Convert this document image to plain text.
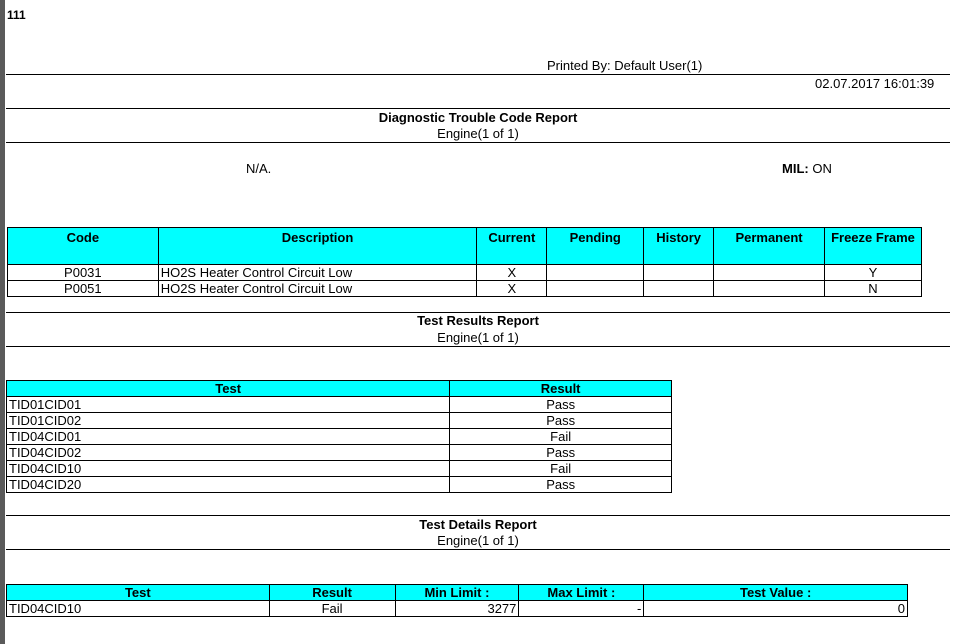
111
Printed By: Default User(1)
02.07.2017 16:01:39
Diagnostic Trouble Code Report
Engine(1 of 1)
N/A.	MIL: ON
Code	Description	Current	Pending	History	Permanent	Freeze Frame
P0031	HO2S Heater Control Circuit Low	X				Y
P0051	HO2S Heater Control Circuit Low	X				N
Test Results Report
Engine(1 of 1)
Test	Result
TID01CID01	Pass
TID01CID02	Pass
TID04CID01	Fail
TID04CID02	Pass
TID04CID10	Fail
TID04CID20	Pass
Test Details Report
Engine(1 of 1)
Test	Result	Min Limit :	Max Limit :	Test Value :
TID04CID10	Fail	3277	-	0
